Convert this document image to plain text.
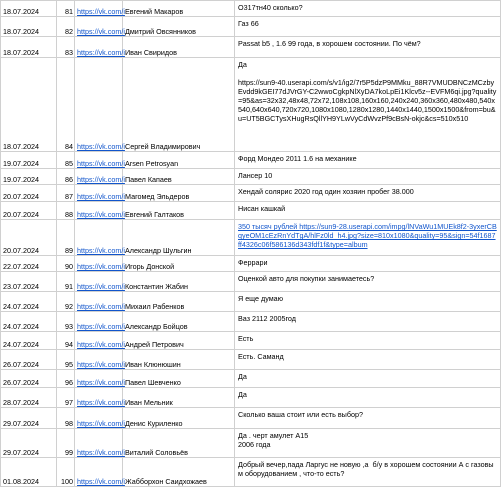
18.07.2024	81	https://vk.com/i	Евгений Макаров	О317тн40 сколько?
18.07.2024	82	https://vk.com/i	Дмитрий Овсянников	Газ 66
18.07.2024	83	https://vk.com/i	Иван Свиридов	Passat b5 , 1.6 99 года, в хорошем состоянии. По чём?
18.07.2024	84	https://vk.com/i	Сергей Владимирович	Да

https://sun9-40.userapi.com/s/v1/ig2/7r5P5dzP9MMku_88R7VMUDBNCzMCzbyEvdd9kGEI77dJVrGY-C2wwoCgkpNlXyDA7koLpEi1Klcv5z--EVFM6qi.jpg?quality=95&as=32x32,48x48,72x72,108x108,160x160,240x240,360x360,480x480,540x540,640x640,720x720,1080x1080,1280x1280,1440x1440,1500x1500&from=bu&u=UT5BGCTysXHugRsQllYH9YLwVyCdWvzPf9cBsN-okjc&cs=510x510
19.07.2024	85	https://vk.com/i	Arsen Petrosyan	Форд Мондео 2011 1.6 на механике
19.07.2024	86	https://vk.com/i	Павел Капаев	Лансер 10
20.07.2024	87	https://vk.com/i	Магомед Эльдеров	Хендай солярис 2020 год один хозяин пробег 38.000
20.07.2024	88	https://vk.com/i	Евгений Галтаков	Нисан кашкай
20.07.2024	89	https://vk.com/i	Александр Шульгин	350 тысяч рублей https://sun9-28.userapi.com/impg/lNVaWu1MUEk8f2-3yxerCBqyeOM1cEzRnYdTgA/hlFz0ld_h4.jpg?size=810x1080&quality=95&sign=54f1687ff4326c06f586136d343fdf1f&type=album
22.07.2024	90	https://vk.com/i	Игорь Донской	Феррари
23.07.2024	91	https://vk.com/i	Константин Жабин	Оценкой авто для покупки занимаетесь?
24.07.2024	92	https://vk.com/i	Михаил Рабенков	Я еще думаю
24.07.2024	93	https://vk.com/i	Александр Бойцов	Ваз 2112 2005год
24.07.2024	94	https://vk.com/i	Андрей Петрович	Есть
26.07.2024	95	https://vk.com/i	Иван Клюнюшин	Есть. Саманд
26.07.2024	96	https://vk.com/i	Павел Шевченко	Да
28.07.2024	97	https://vk.com/i	Иван Мельник	Да
29.07.2024	98	https://vk.com/i	Денис Куриленко	Сколько ваша стоит или есть выбор?
29.07.2024	99	https://vk.com/i	Виталий Соловьёв	Да . черт амулет А15
2006 года
01.08.2024	100	https://vk.com/i	Жабборхон Саидхожаев	Добрый вечер,пада Ларгус не новую ,а  б/у в хорошем состоянии А с газовым оборудованием , что-то есть?
